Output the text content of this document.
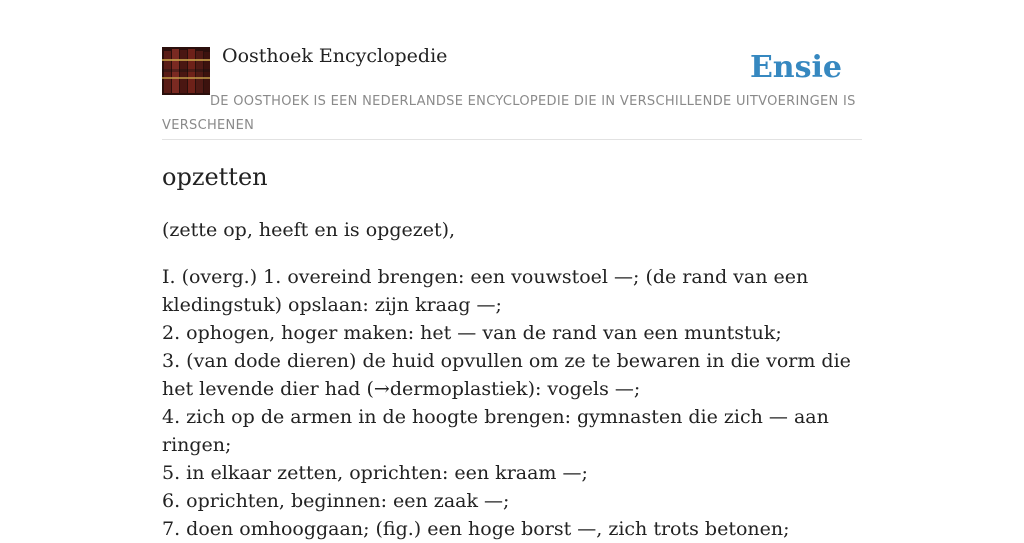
Oosthoek Encyclopedie	Ensie

DE OOSTHOEK IS EEN NEDERLANDSE ENCYCLOPEDIE DIE IN VERSCHILLENDE UITVOERINGEN IS VERSCHENEN

opzetten

(zette op, heeft en is opgezet),

I. (overg.) 1. overeind brengen: een vouwstoel —; (de rand van een kledingstuk) opslaan: zijn kraag —;
2. ophogen, hoger maken: het — van de rand van een muntstuk;
3. (van dode dieren) de huid opvullen om ze te bewaren in die vorm die het levende dier had (→dermoplastiek): vogels —;
4. zich op de armen in de hoogte brengen: gymnasten die zich — aan ringen;
5. in elkaar zetten, oprichten: een kraam —;
6. oprichten, beginnen: een zaak —;
7. doen omhooggaan; (fig.) een hoge borst —, zich trots betonen;
